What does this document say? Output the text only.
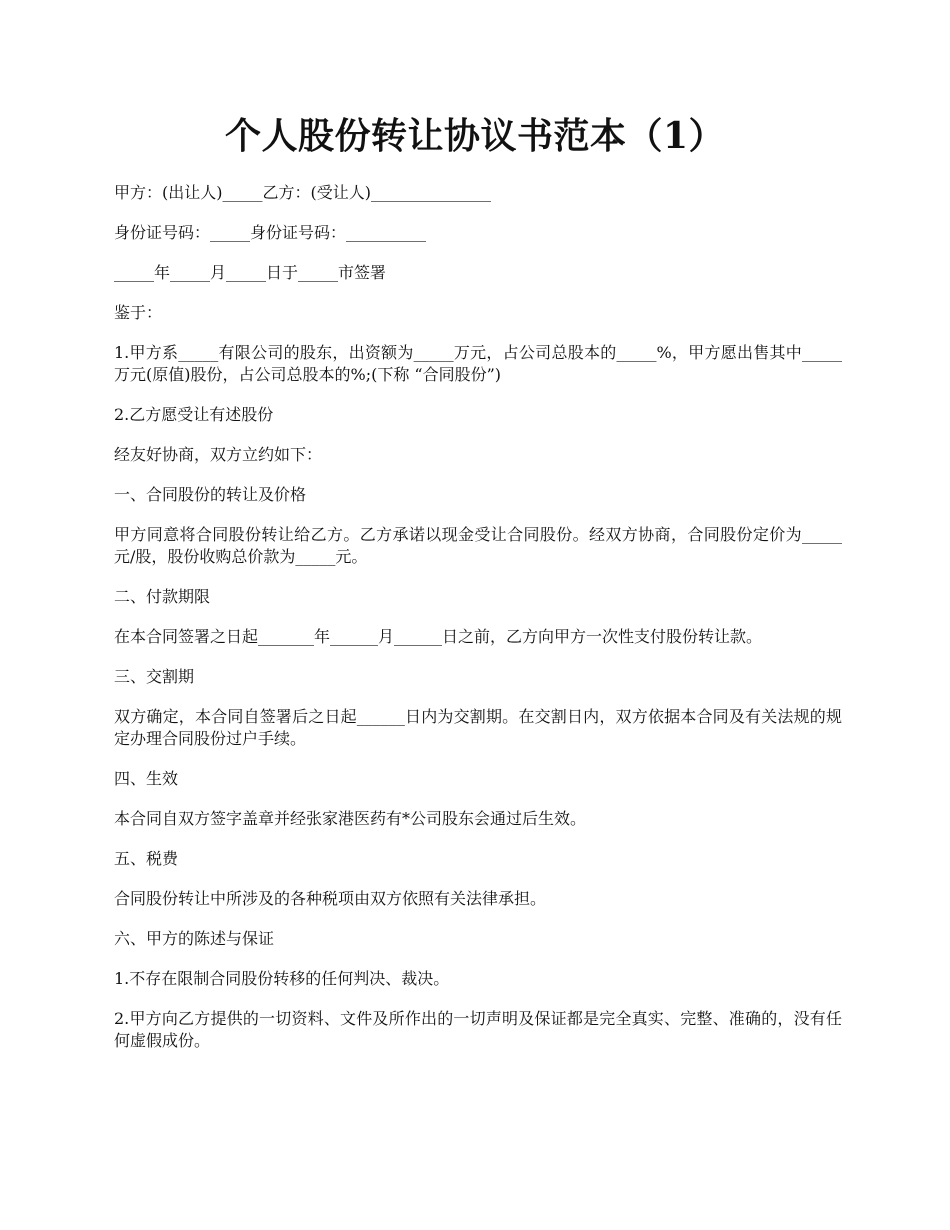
个人股份转让协议书范本（1）

甲方：(出让人)_____乙方：(受让人)_______________

身份证号码：_____身份证号码：__________

_____年_____月_____日于_____市签署

鉴于：

1.甲方系_____有限公司的股东，出资额为_____万元，占公司总股本的_____%，甲方愿出售其中_____万元(原值)股份，占公司总股本的%;(下称 “合同股份”)

2.乙方愿受让有述股份

经友好协商，双方立约如下：

一、合同股份的转让及价格

甲方同意将合同股份转让给乙方。乙方承诺以现金受让合同股份。经双方协商，合同股份定价为_____元/股，股份收购总价款为_____元。

二、付款期限

在本合同签署之日起_______年______月______日之前，乙方向甲方一次性支付股份转让款。

三、交割期

双方确定，本合同自签署后之日起______日内为交割期。在交割日内，双方依据本合同及有关法规的规定办理合同股份过户手续。

四、生效

本合同自双方签字盖章并经张家港医药有*公司股东会通过后生效。

五、税费

合同股份转让中所涉及的各种税项由双方依照有关法律承担。

六、甲方的陈述与保证

1.不存在限制合同股份转移的任何判决、裁决。

2.甲方向乙方提供的一切资料、文件及所作出的一切声明及保证都是完全真实、完整、准确的，没有任何虚假成份。
